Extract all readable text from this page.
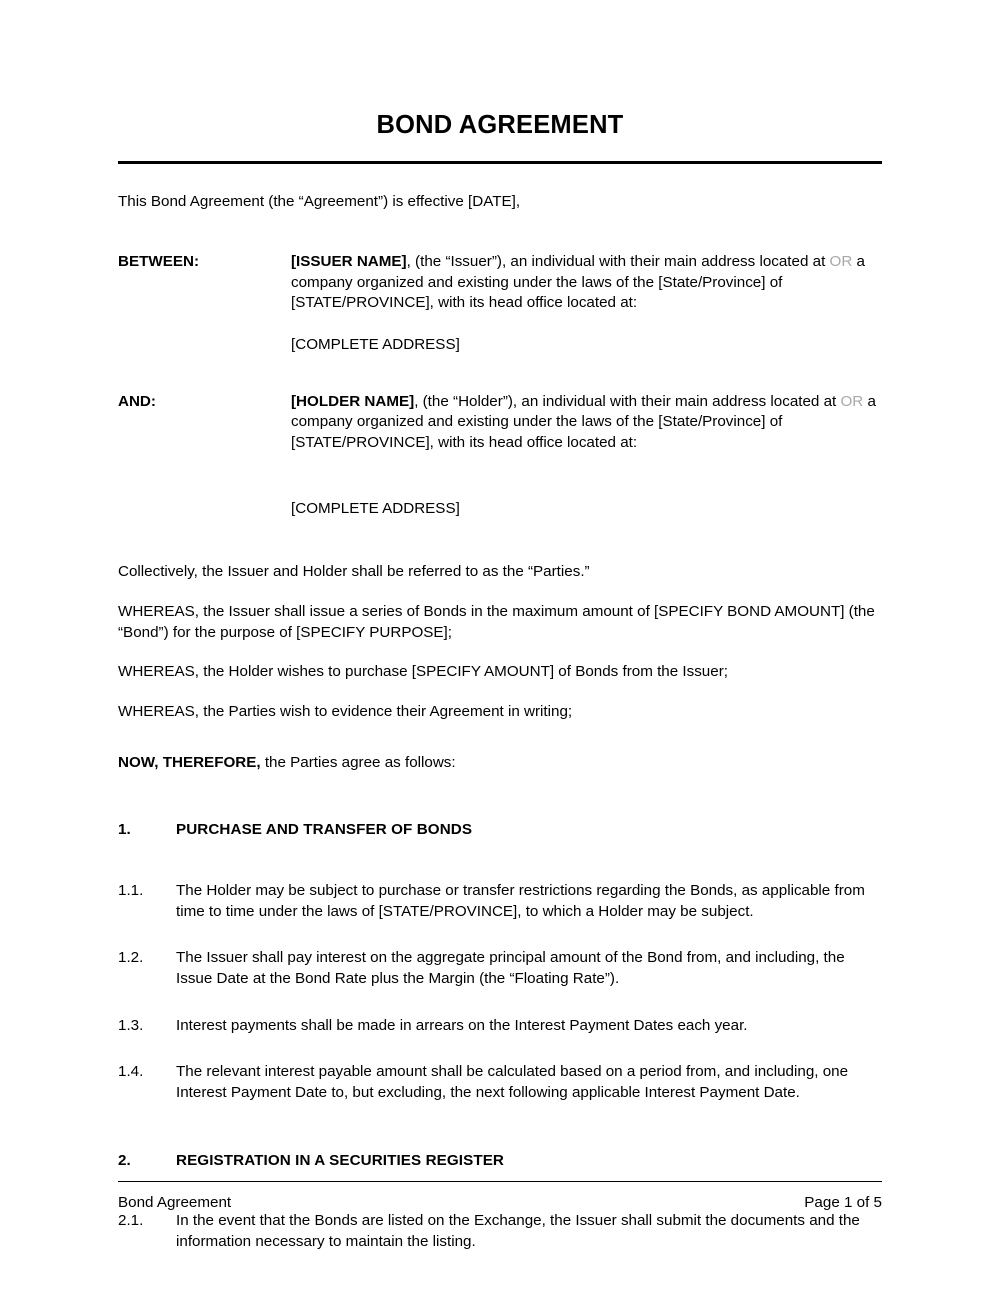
BOND AGREEMENT

This Bond Agreement (the “Agreement”) is effective [DATE],

BETWEEN:	[ISSUER NAME], (the “Issuer”), an individual with their main address located at OR a company organized and existing under the laws of the [State/Province] of [STATE/PROVINCE], with its head office located at:
[COMPLETE ADDRESS]
AND:	[HOLDER NAME], (the “Holder”), an individual with their main address located at OR a company organized and existing under the laws of the [State/Province] of [STATE/PROVINCE], with its head office located at:
[COMPLETE ADDRESS]

Collectively, the Issuer and Holder shall be referred to as the “Parties.”

WHEREAS, the Issuer shall issue a series of Bonds in the maximum amount of [SPECIFY BOND AMOUNT] (the “Bond”) for the purpose of [SPECIFY PURPOSE];

WHEREAS, the Holder wishes to purchase [SPECIFY AMOUNT] of Bonds from the Issuer;

WHEREAS, the Parties wish to evidence their Agreement in writing;

NOW, THEREFORE, the Parties agree as follows:

1.	PURCHASE AND TRANSFER OF BONDS
1.1.	The Holder may be subject to purchase or transfer restrictions regarding the Bonds, as applicable from time to time under the laws of [STATE/PROVINCE], to which a Holder may be subject.
1.2.	The Issuer shall pay interest on the aggregate principal amount of the Bond from, and including, the Issue Date at the Bond Rate plus the Margin (the “Floating Rate”).
1.3.	Interest payments shall be made in arrears on the Interest Payment Dates each year.
1.4.	The relevant interest payable amount shall be calculated based on a period from, and including, one Interest Payment Date to, but excluding, the next following applicable Interest Payment Date.
2.	REGISTRATION IN A SECURITIES REGISTER
2.1.	In the event that the Bonds are listed on the Exchange, the Issuer shall submit the documents and the information necessary to maintain the listing.
Bond Agreement	Page 1 of 5
